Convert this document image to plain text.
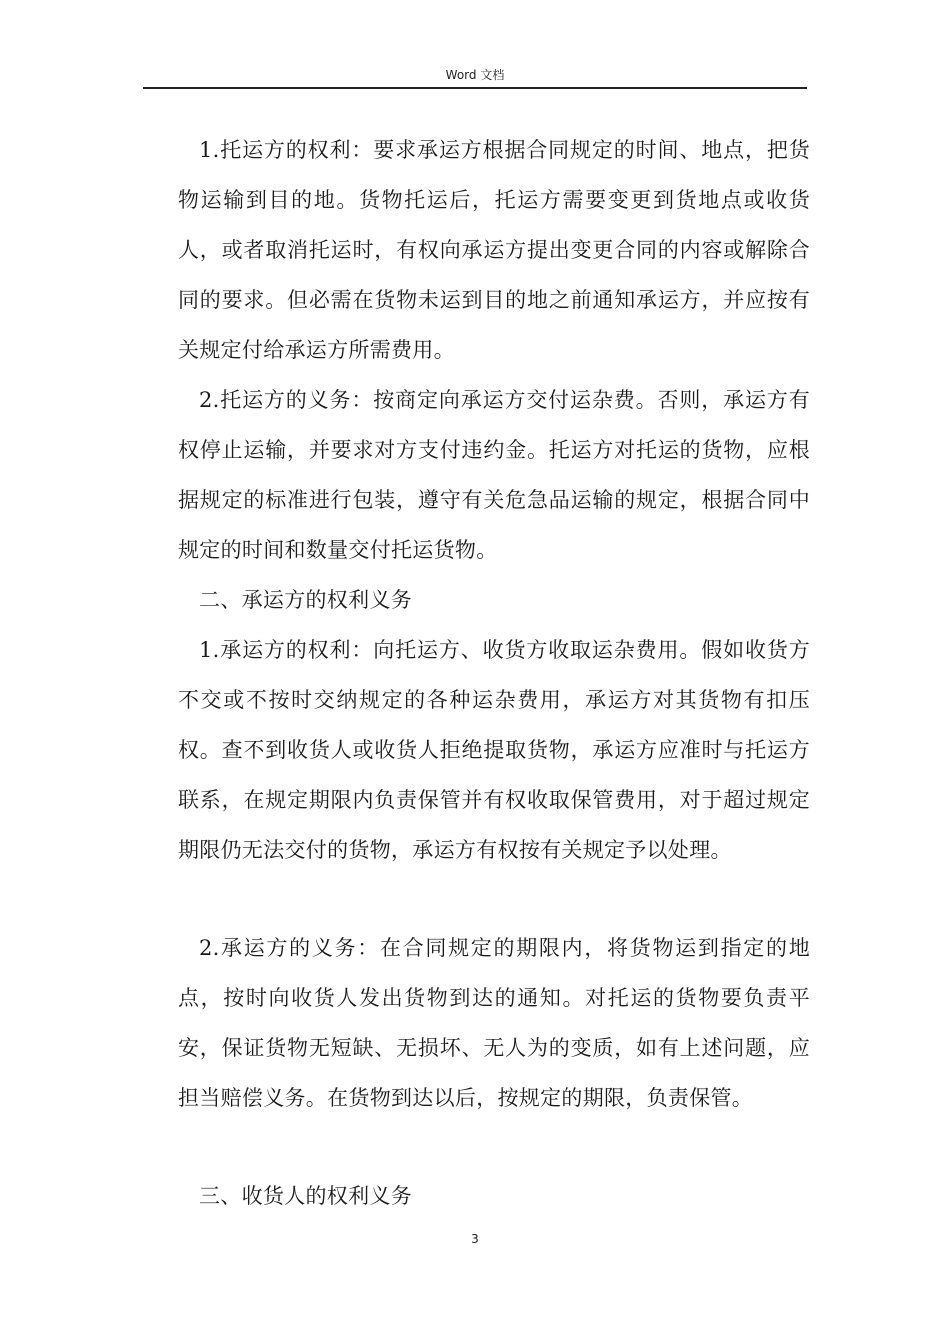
Word 文档

1.托运方的权利：要求承运方根据合同规定的时间、地点，把货物运输到目的地。货物托运后，托运方需要变更到货地点或收货人，或者取消托运时，有权向承运方提出变更合同的内容或解除合同的要求。但必需在货物未运到目的地之前通知承运方，并应按有关规定付给承运方所需费用。

2.托运方的义务：按商定向承运方交付运杂费。否则，承运方有权停止运输，并要求对方支付违约金。托运方对托运的货物，应根据规定的标准进行包装，遵守有关危急品运输的规定，根据合同中规定的时间和数量交付托运货物。

二、承运方的权利义务

1.承运方的权利：向托运方、收货方收取运杂费用。假如收货方不交或不按时交纳规定的各种运杂费用，承运方对其货物有扣压权。查不到收货人或收货人拒绝提取货物，承运方应准时与托运方联系，在规定期限内负责保管并有权收取保管费用，对于超过规定期限仍无法交付的货物，承运方有权按有关规定予以处理。

2.承运方的义务：在合同规定的期限内，将货物运到指定的地点，按时向收货人发出货物到达的通知。对托运的货物要负责平安，保证货物无短缺、无损坏、无人为的变质，如有上述问题，应担当赔偿义务。在货物到达以后，按规定的期限，负责保管。

三、收货人的权利义务

3
